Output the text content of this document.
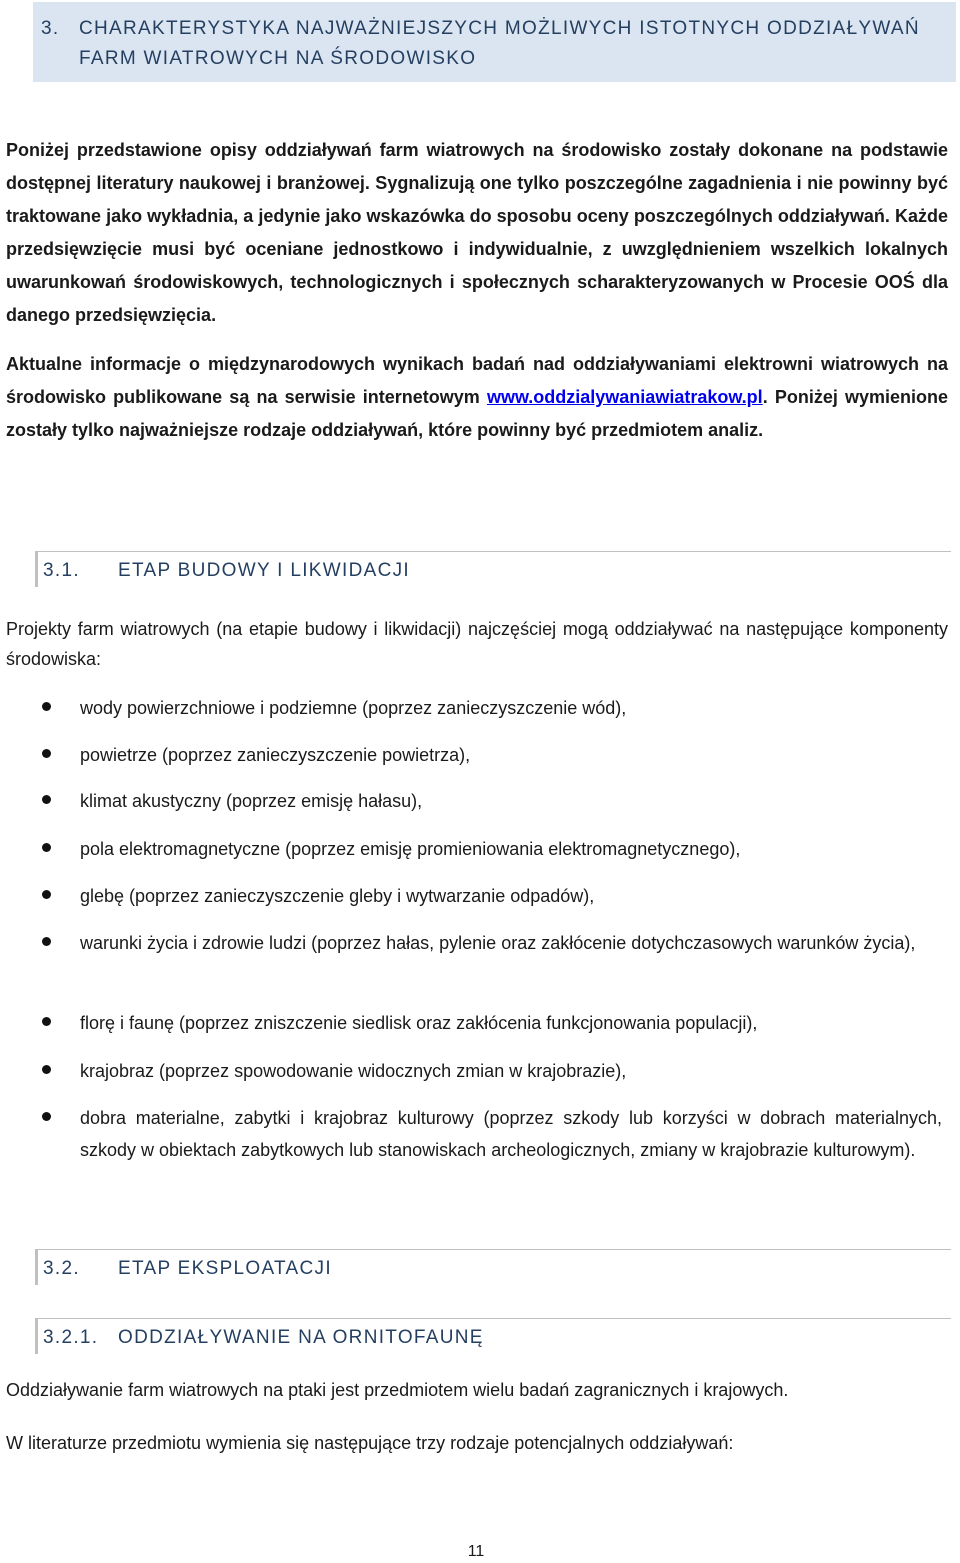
3. CHARAKTERYSTYKA NAJWAŻNIEJSZYCH MOŻLIWYCH ISTOTNYCH ODDZIAŁYWAŃ
FARM WIATROWYCH NA ŚRODOWISKO

Poniżej przedstawione opisy oddziaływań farm wiatrowych na środowisko zostały dokonane na podstawie dostępnej literatury naukowej i branżowej. Sygnalizują one tylko poszczególne zagadnienia i nie powinny być traktowane jako wykładnia, a jedynie jako wskazówka do sposobu oceny poszczególnych oddziaływań. Każde przedsięwzięcie musi być oceniane jednostkowo i indywidualnie, z uwzględnieniem wszelkich lokalnych uwarunkowań środowiskowych, technologicznych i społecznych scharakteryzowanych w Procesie OOŚ dla danego przedsięwzięcia.

Aktualne informacje o międzynarodowych wynikach badań nad oddziaływaniami elektrowni wiatrowych na środowisko publikowane są na serwisie internetowym www.oddzialywaniawiatrakow.pl. Poniżej wymienione zostały tylko najważniejsze rodzaje oddziaływań, które powinny być przedmiotem analiz.

3.1. ETAP BUDOWY I LIKWIDACJI

Projekty farm wiatrowych (na etapie budowy i likwidacji) najczęściej mogą oddziaływać na następujące komponenty środowiska:

wody powierzchniowe i podziemne (poprzez zanieczyszczenie wód),
powietrze (poprzez zanieczyszczenie powietrza),
klimat akustyczny (poprzez emisję hałasu),
pola elektromagnetyczne (poprzez emisję promieniowania elektromagnetycznego),
glebę (poprzez zanieczyszczenie gleby i wytwarzanie odpadów),
warunki życia i zdrowie ludzi (poprzez hałas, pylenie oraz zakłócenie dotychczasowych warunków życia),
florę i faunę (poprzez zniszczenie siedlisk oraz zakłócenia funkcjonowania populacji),
krajobraz (poprzez spowodowanie widocznych zmian w krajobrazie),
dobra materialne, zabytki i krajobraz kulturowy (poprzez szkody lub korzyści w dobrach materialnych, szkody w obiektach zabytkowych lub stanowiskach archeologicznych, zmiany w krajobrazie kulturowym).
3.2. ETAP EKSPLOATACJI
3.2.1. ODDZIAŁYWANIE NA ORNITOFAUNĘ

Oddziaływanie farm wiatrowych na ptaki jest przedmiotem wielu badań zagranicznych i krajowych.

W literaturze przedmiotu wymienia się następujące trzy rodzaje potencjalnych oddziaływań:

11
